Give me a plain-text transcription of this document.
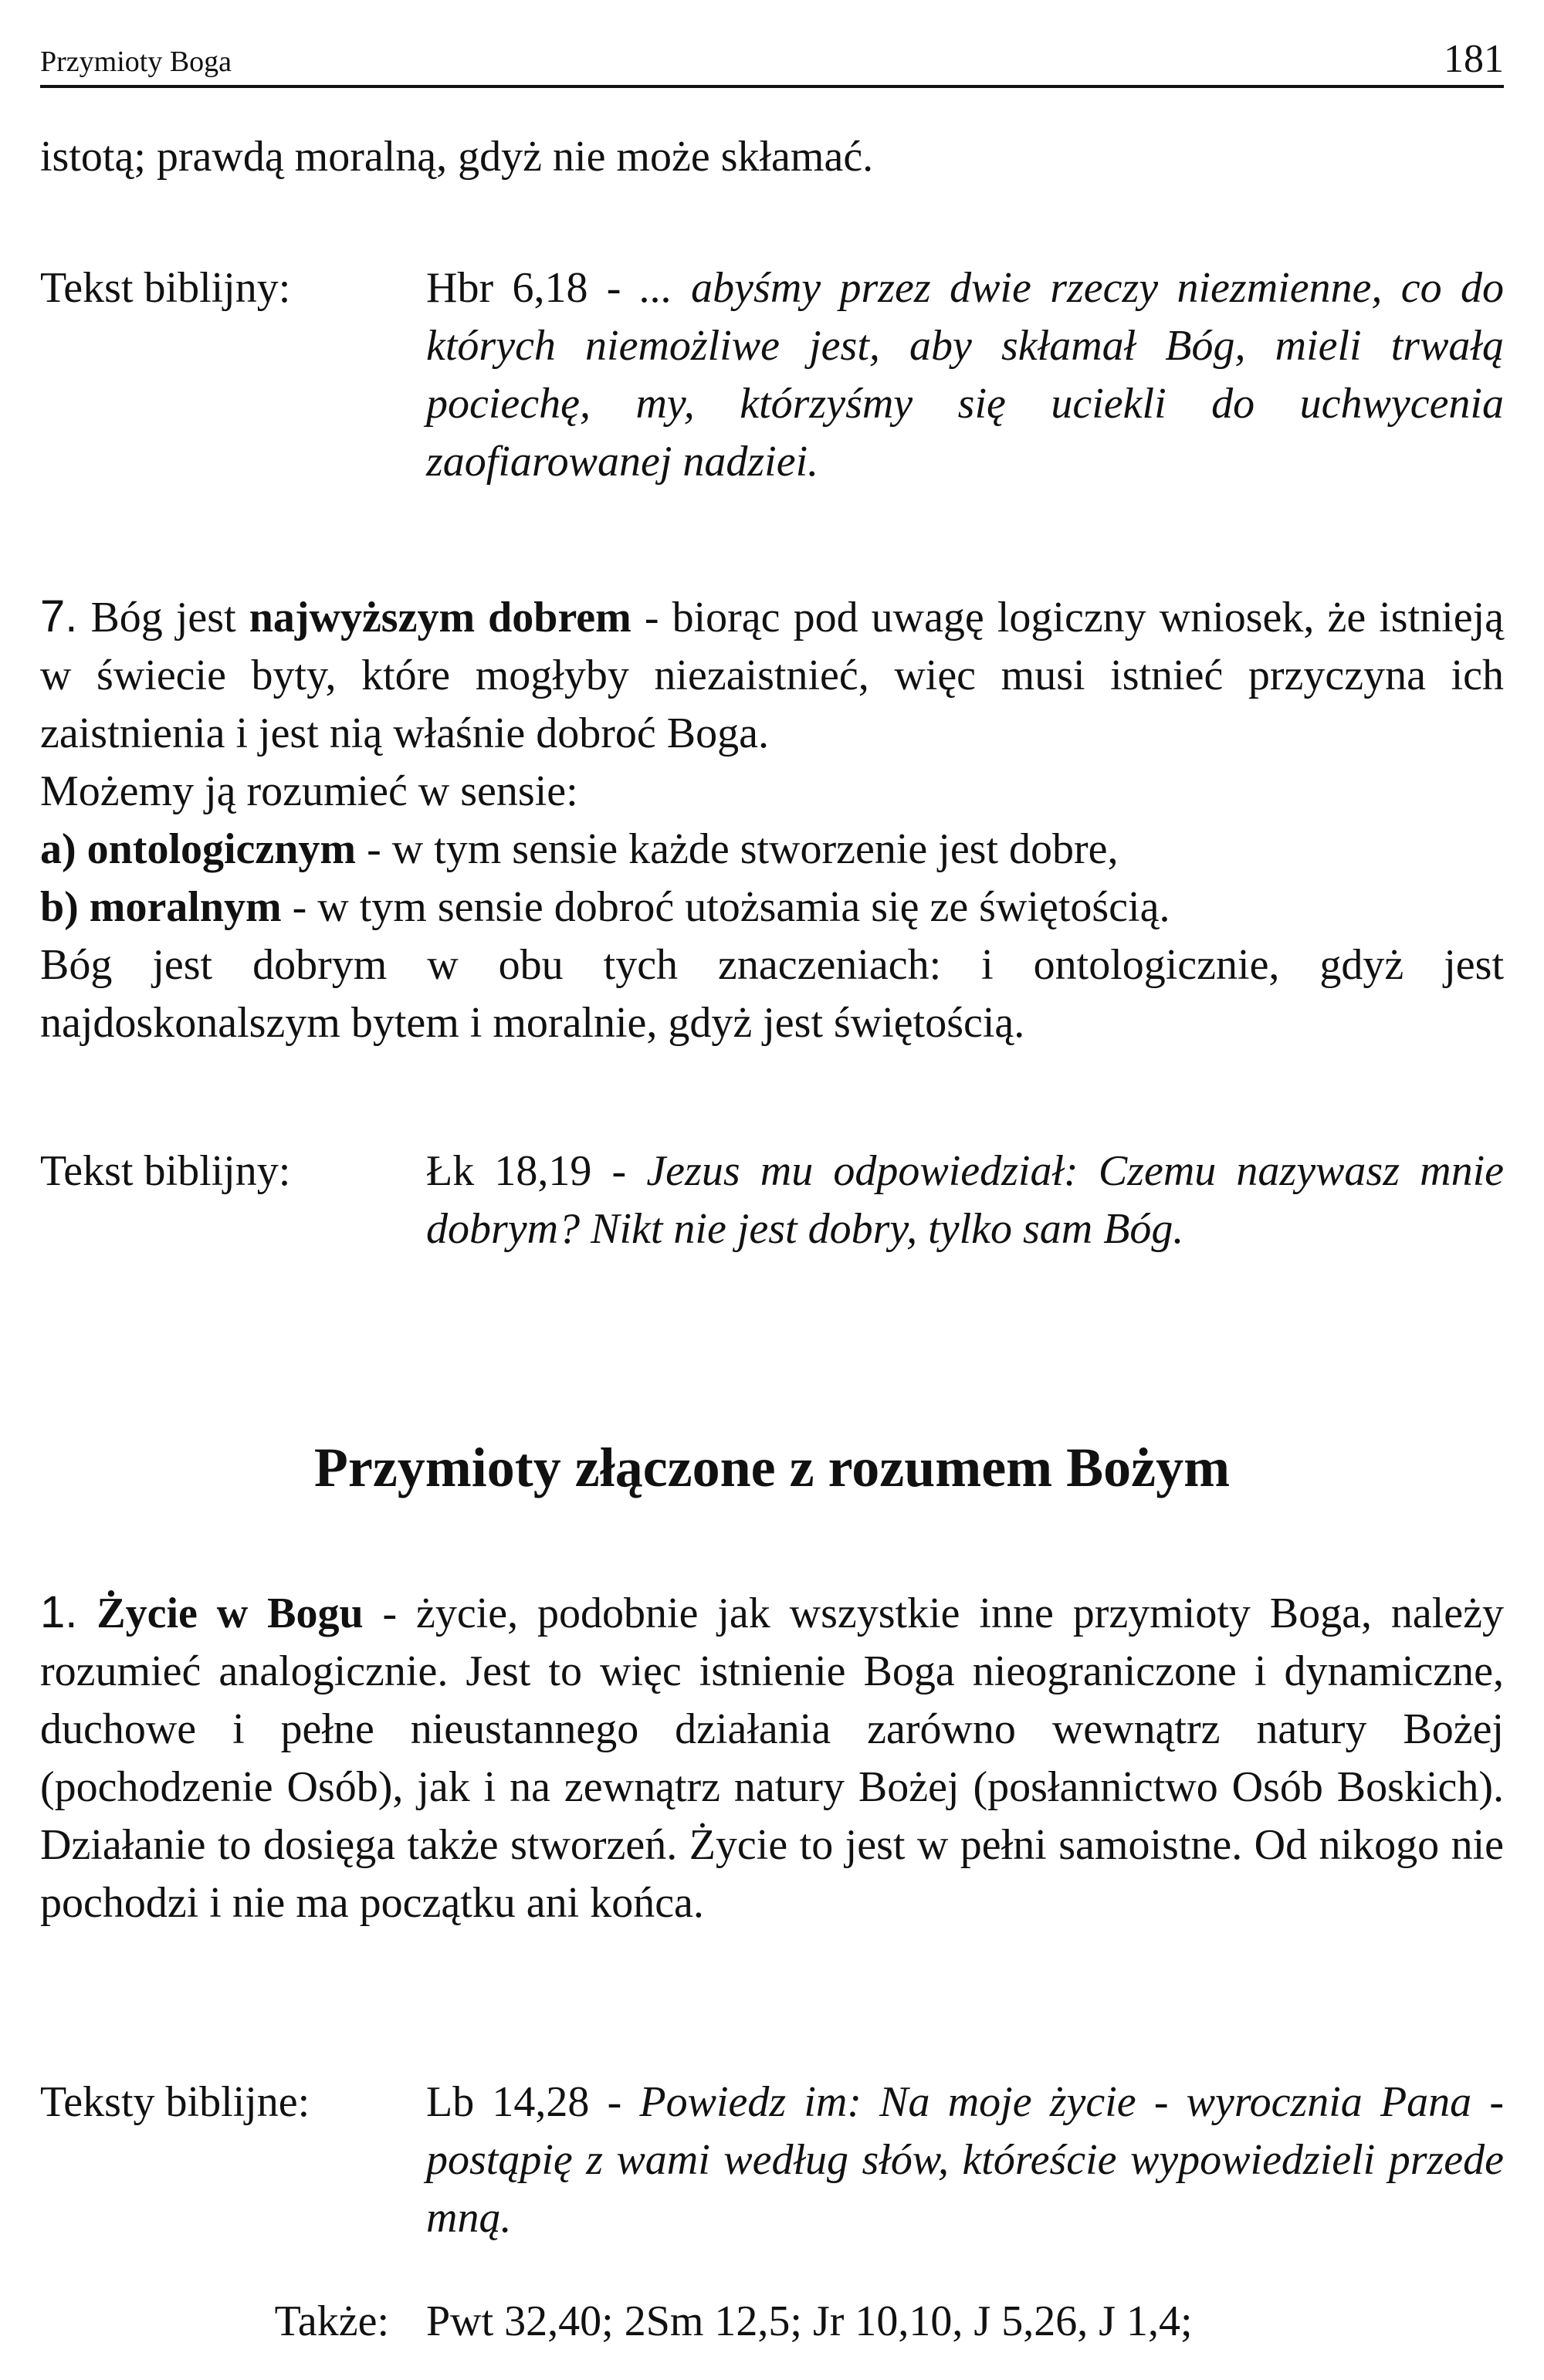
Przymioty Boga	181

istotą; prawdą moralną, gdyż nie może skłamać.

Tekst biblijny:	Hbr 6,18 - ... abyśmy przez dwie rzeczy niezmienne, co do których niemożliwe jest, aby skłamał Bóg, mieli trwałą pociechę, my, którzyśmy się uciekli do uchwycenia zaofiarowanej nadziei.
7. Bóg jest najwyższym dobrem - biorąc pod uwagę logiczny wniosek, że istnieją w świecie byty, które mogłyby niezaistnieć, więc musi istnieć przyczyna ich zaistnienia i jest nią właśnie dobroć Boga.
Możemy ją rozumieć w sensie:
a) ontologicznym - w tym sensie każde stworzenie jest dobre,
b) moralnym - w tym sensie dobroć utożsamia się ze świętością.
Bóg jest dobrym w obu tych znaczeniach: i ontologicznie, gdyż jest najdoskonalszym bytem i moralnie, gdyż jest świętością.
Tekst biblijny:	Łk 18,19 - Jezus mu odpowiedział: Czemu nazywasz mnie dobrym? Nikt nie jest dobry, tylko sam Bóg.
Przymioty złączone z rozumem Bożym

1. Życie w Bogu - życie, podobnie jak wszystkie inne przymioty Boga, należy rozumieć analogicznie. Jest to więc istnienie Boga nieograniczone i dynamiczne, duchowe i pełne nieustannego działania zarówno wewnątrz natury Bożej (pochodzenie Osób), jak i na zewnątrz natury Bożej (posłannictwo Osób Boskich). Działanie to dosięga także stworzeń. Życie to jest w pełni samoistne. Od nikogo nie pochodzi i nie ma początku ani końca.

Teksty biblijne:	Lb 14,28 - Powiedz im: Na moje życie - wyrocznia Pana - postąpię z wami według słów, któreście wypowiedzieli przede mną.
Także: Pwt 32,40; 2Sm 12,5; Jr 10,10, J 5,26, J 1,4;
